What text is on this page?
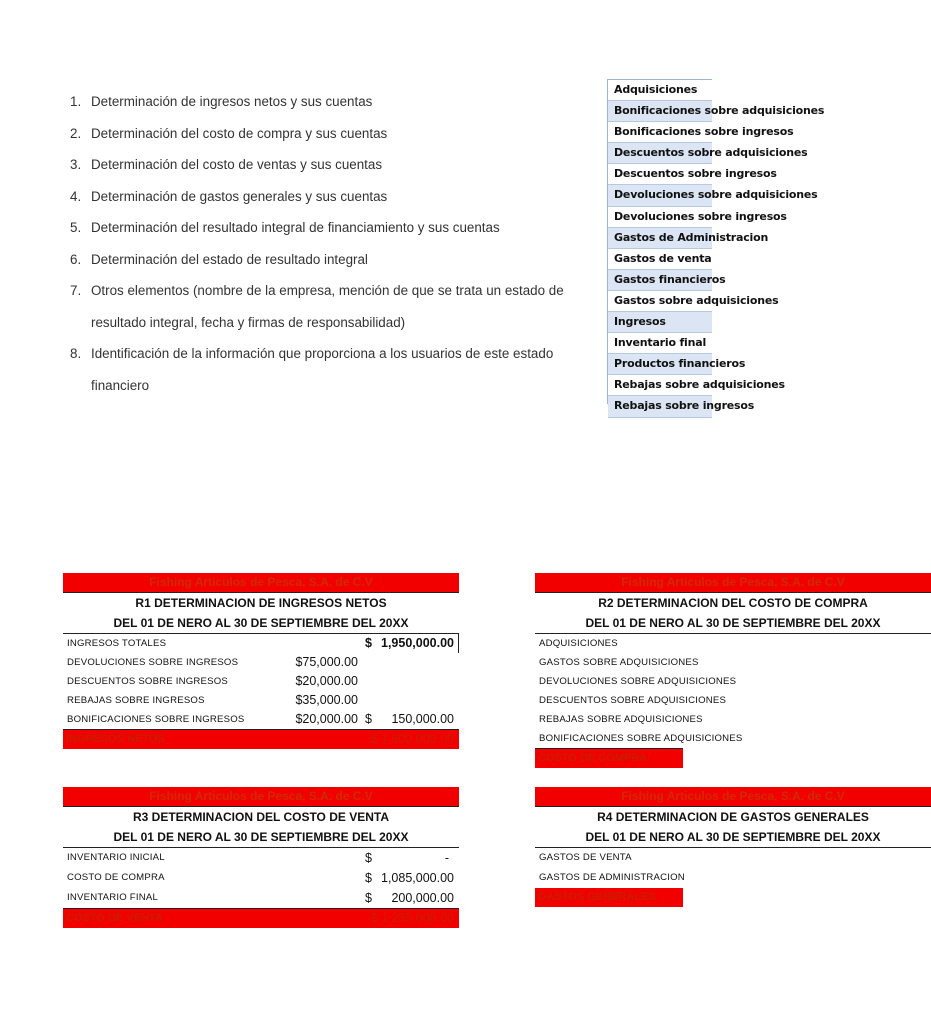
1. Determinación de ingresos netos y sus cuentas
2. Determinación del costo de compra y sus cuentas
3. Determinación del costo de ventas y sus cuentas
4. Determinación de gastos generales y sus cuentas
5. Determinación del resultado integral de financiamiento y sus cuentas
6. Determinación del estado de resultado integral
7. Otros elementos (nombre de la empresa, mención de que se trata un estado de
resultado integral, fecha y firmas de responsabilidad)
8. Identificación de la información que proporciona a los usuarios de este estado
financiero
Adquisiciones
Bonificaciones sobre adquisiciones
Bonificaciones sobre ingresos
Descuentos sobre adquisiciones
Descuentos sobre ingresos
Devoluciones sobre adquisiciones
Devoluciones sobre ingresos
Gastos de Administracion
Gastos de venta
Gastos financieros
Gastos sobre adquisiciones
Ingresos
Inventario final
Productos financieros
Rebajas sobre adquisiciones
Rebajas sobre ingresos
Fishing Articulos de Pesca, S.A. de C.V
R1 DETERMINACION DE INGRESOS NETOS
DEL 01 DE NERO AL 30 DE SEPTIEMBRE DEL 20XX
INGRESOS TOTALES	$ 1,950,000.00
DEVOLUCIONES SOBRE INGRESOS	$75,000.00
DESCUENTOS SOBRE INGRESOS	$20,000.00
REBAJAS SOBRE INGRESOS	$35,000.00
BONIFICACIONES SOBRE INGRESOS	$20,000.00 $ 150,000.00
INGRESOS NETOS	$ 1,800,000.00
Fishing Articulos de Pesca, S.A. de C.V
R2 DETERMINACION DEL COSTO DE COMPRA
DEL 01 DE NERO AL 30 DE SEPTIEMBRE DEL 20XX
ADQUISICIONES
GASTOS SOBRE ADQUISICIONES
DEVOLUCIONES SOBRE ADQUISICIONES
DESCUENTOS SOBRE ADQUISICIONES
REBAJAS SOBRE ADQUISICIONES
BONIFICACIONES SOBRE ADQUISICIONES
COSTO DE COMPRA
Fishing Articulos de Pesca, S.A. de C.V
R3 DETERMINACION DEL COSTO DE VENTA
DEL 01 DE NERO AL 30 DE SEPTIEMBRE DEL 20XX
INVENTARIO INICIAL	$	-
COSTO DE COMPRA	$ 1,085,000.00
INVENTARIO FINAL	$ 200,000.00
COSTO DE VENTA	$ 1,285,000.00
Fishing Articulos de Pesca, S.A. de C.V
R4 DETERMINACION DE GASTOS GENERALES
DEL 01 DE NERO AL 30 DE SEPTIEMBRE DEL 20XX
GASTOS DE VENTA
GASTOS DE ADMINISTRACION
GASTOS GENERALES
